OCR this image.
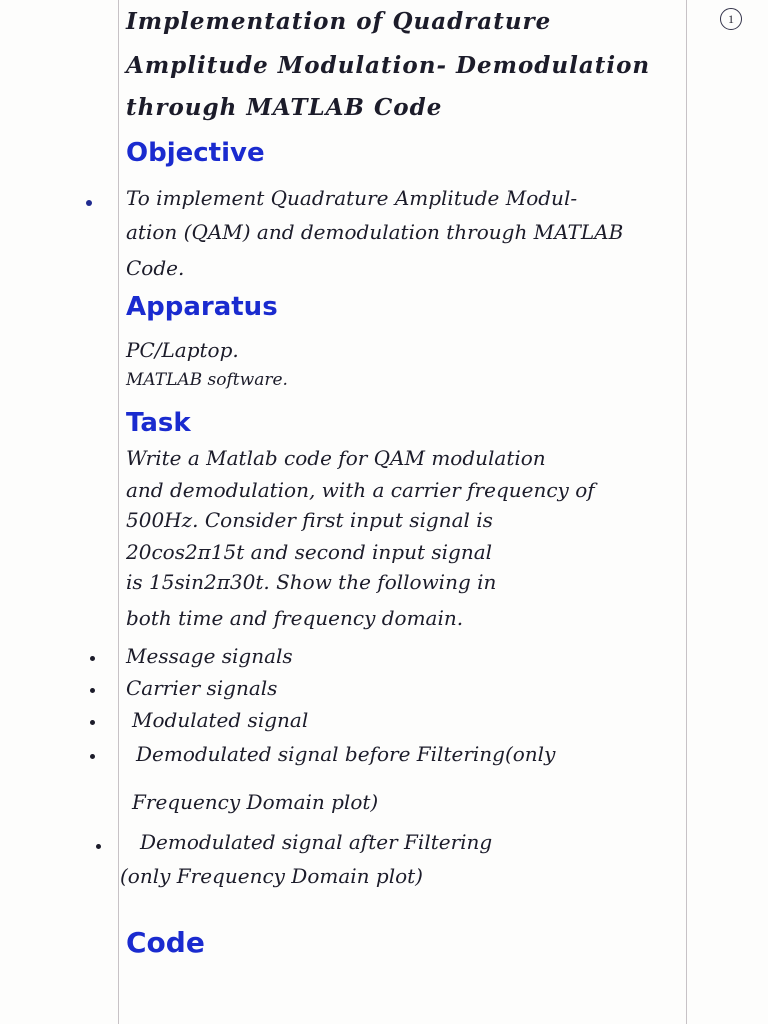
1
Implementation of Quadrature
Amplitude Modulation- Demodulation
through MATLAB Code
Objective
To implement Quadrature Amplitude Modul-
ation (QAM) and demodulation through MATLAB
Code.
Apparatus
PC/Laptop.
MATLAB software.
Task
Write a Matlab code for QAM modulation
and demodulation, with a carrier frequency of
500Hz. Consider first input signal is
20cos2π15t and second input signal
is 15sin2π30t. Show the following in
both time and frequency domain.
Message signals
Carrier signals
Modulated signal
Demodulated signal before Filtering(only
Frequency Domain plot)
Demodulated signal after Filtering
(only Frequency Domain plot)
Code
